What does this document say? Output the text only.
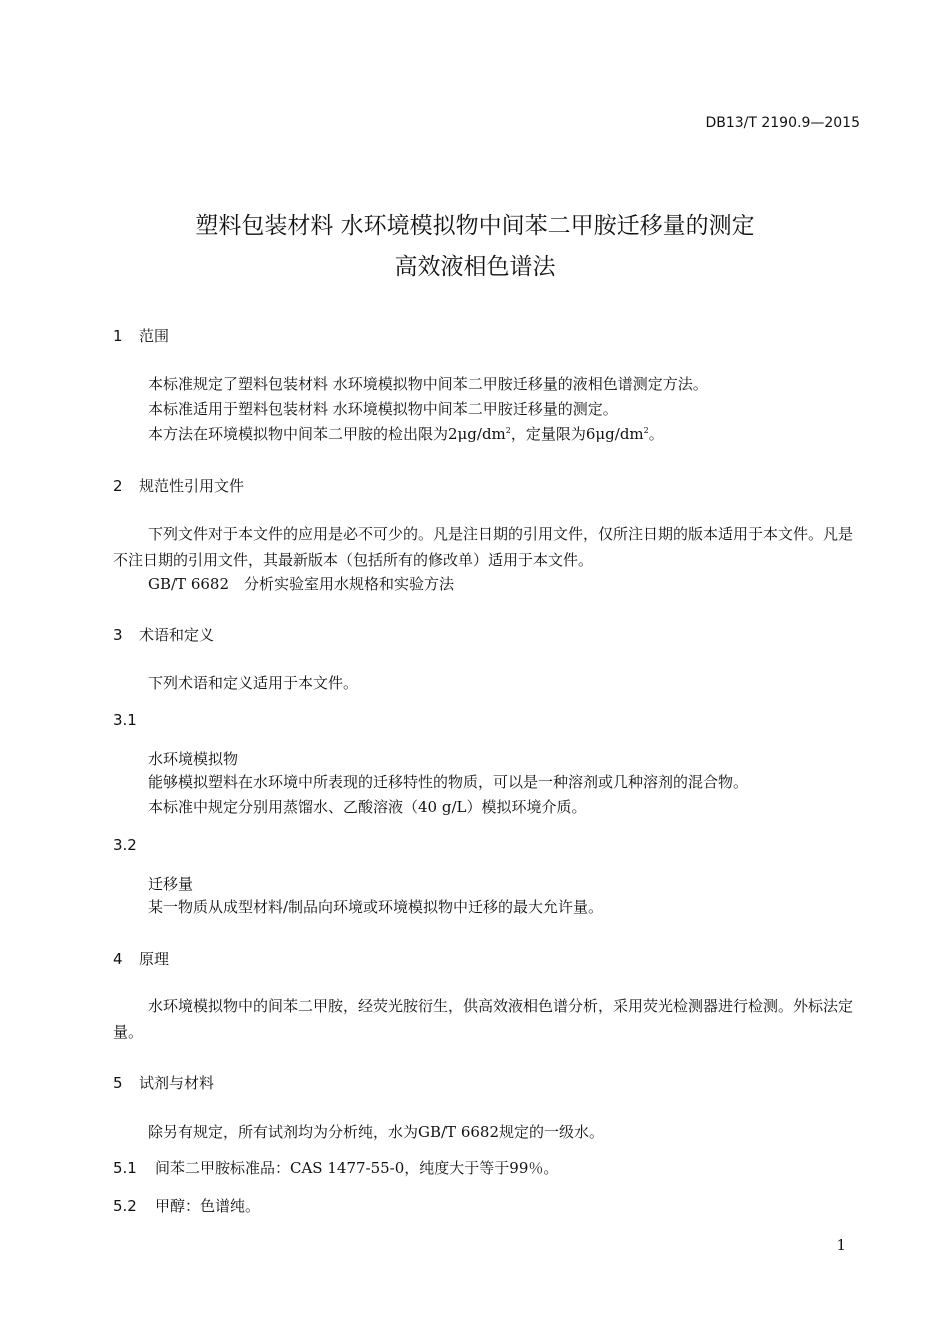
DB13/T 2190.9—2015
塑料包装材料 水环境模拟物中间苯二甲胺迁移量的测定
高效液相色谱法
1 范围
本标准规定了塑料包装材料 水环境模拟物中间苯二甲胺迁移量的液相色谱测定方法。
本标准适用于塑料包装材料 水环境模拟物中间苯二甲胺迁移量的测定。
本方法在环境模拟物中间苯二甲胺的检出限为$2\mu g/dm^2$，定量限为$6\mu g/dm^2$。
2 规范性引用文件
下列文件对于本文件的应用是必不可少的。凡是注日期的引用文件，仅所注日期的版本适用于本文件。凡是不注日期的引用文件，其最新版本（包括所有的修改单）适用于本文件。
GB/T 6682　分析实验室用水规格和实验方法
3 术语和定义
下列术语和定义适用于本文件。
3.1
水环境模拟物
能够模拟塑料在水环境中所表现的迁移特性的物质，可以是一种溶剂或几种溶剂的混合物。
本标准中规定分别用蒸馏水、乙酸溶液（40 g/L）模拟环境介质。
3.2
迁移量
某一物质从成型材料/制品向环境或环境模拟物中迁移的最大允许量。
4 原理
水环境模拟物中的间苯二甲胺，经荧光胺衍生，供高效液相色谱分析，采用荧光检测器进行检测。外标法定量。
5 试剂与材料
除另有规定，所有试剂均为分析纯，水为GB/T 6682规定的一级水。
5.1 间苯二甲胺标准品：CAS 1477-55-0，纯度大于等于99％。
5.2 甲醇：色谱纯。
1
